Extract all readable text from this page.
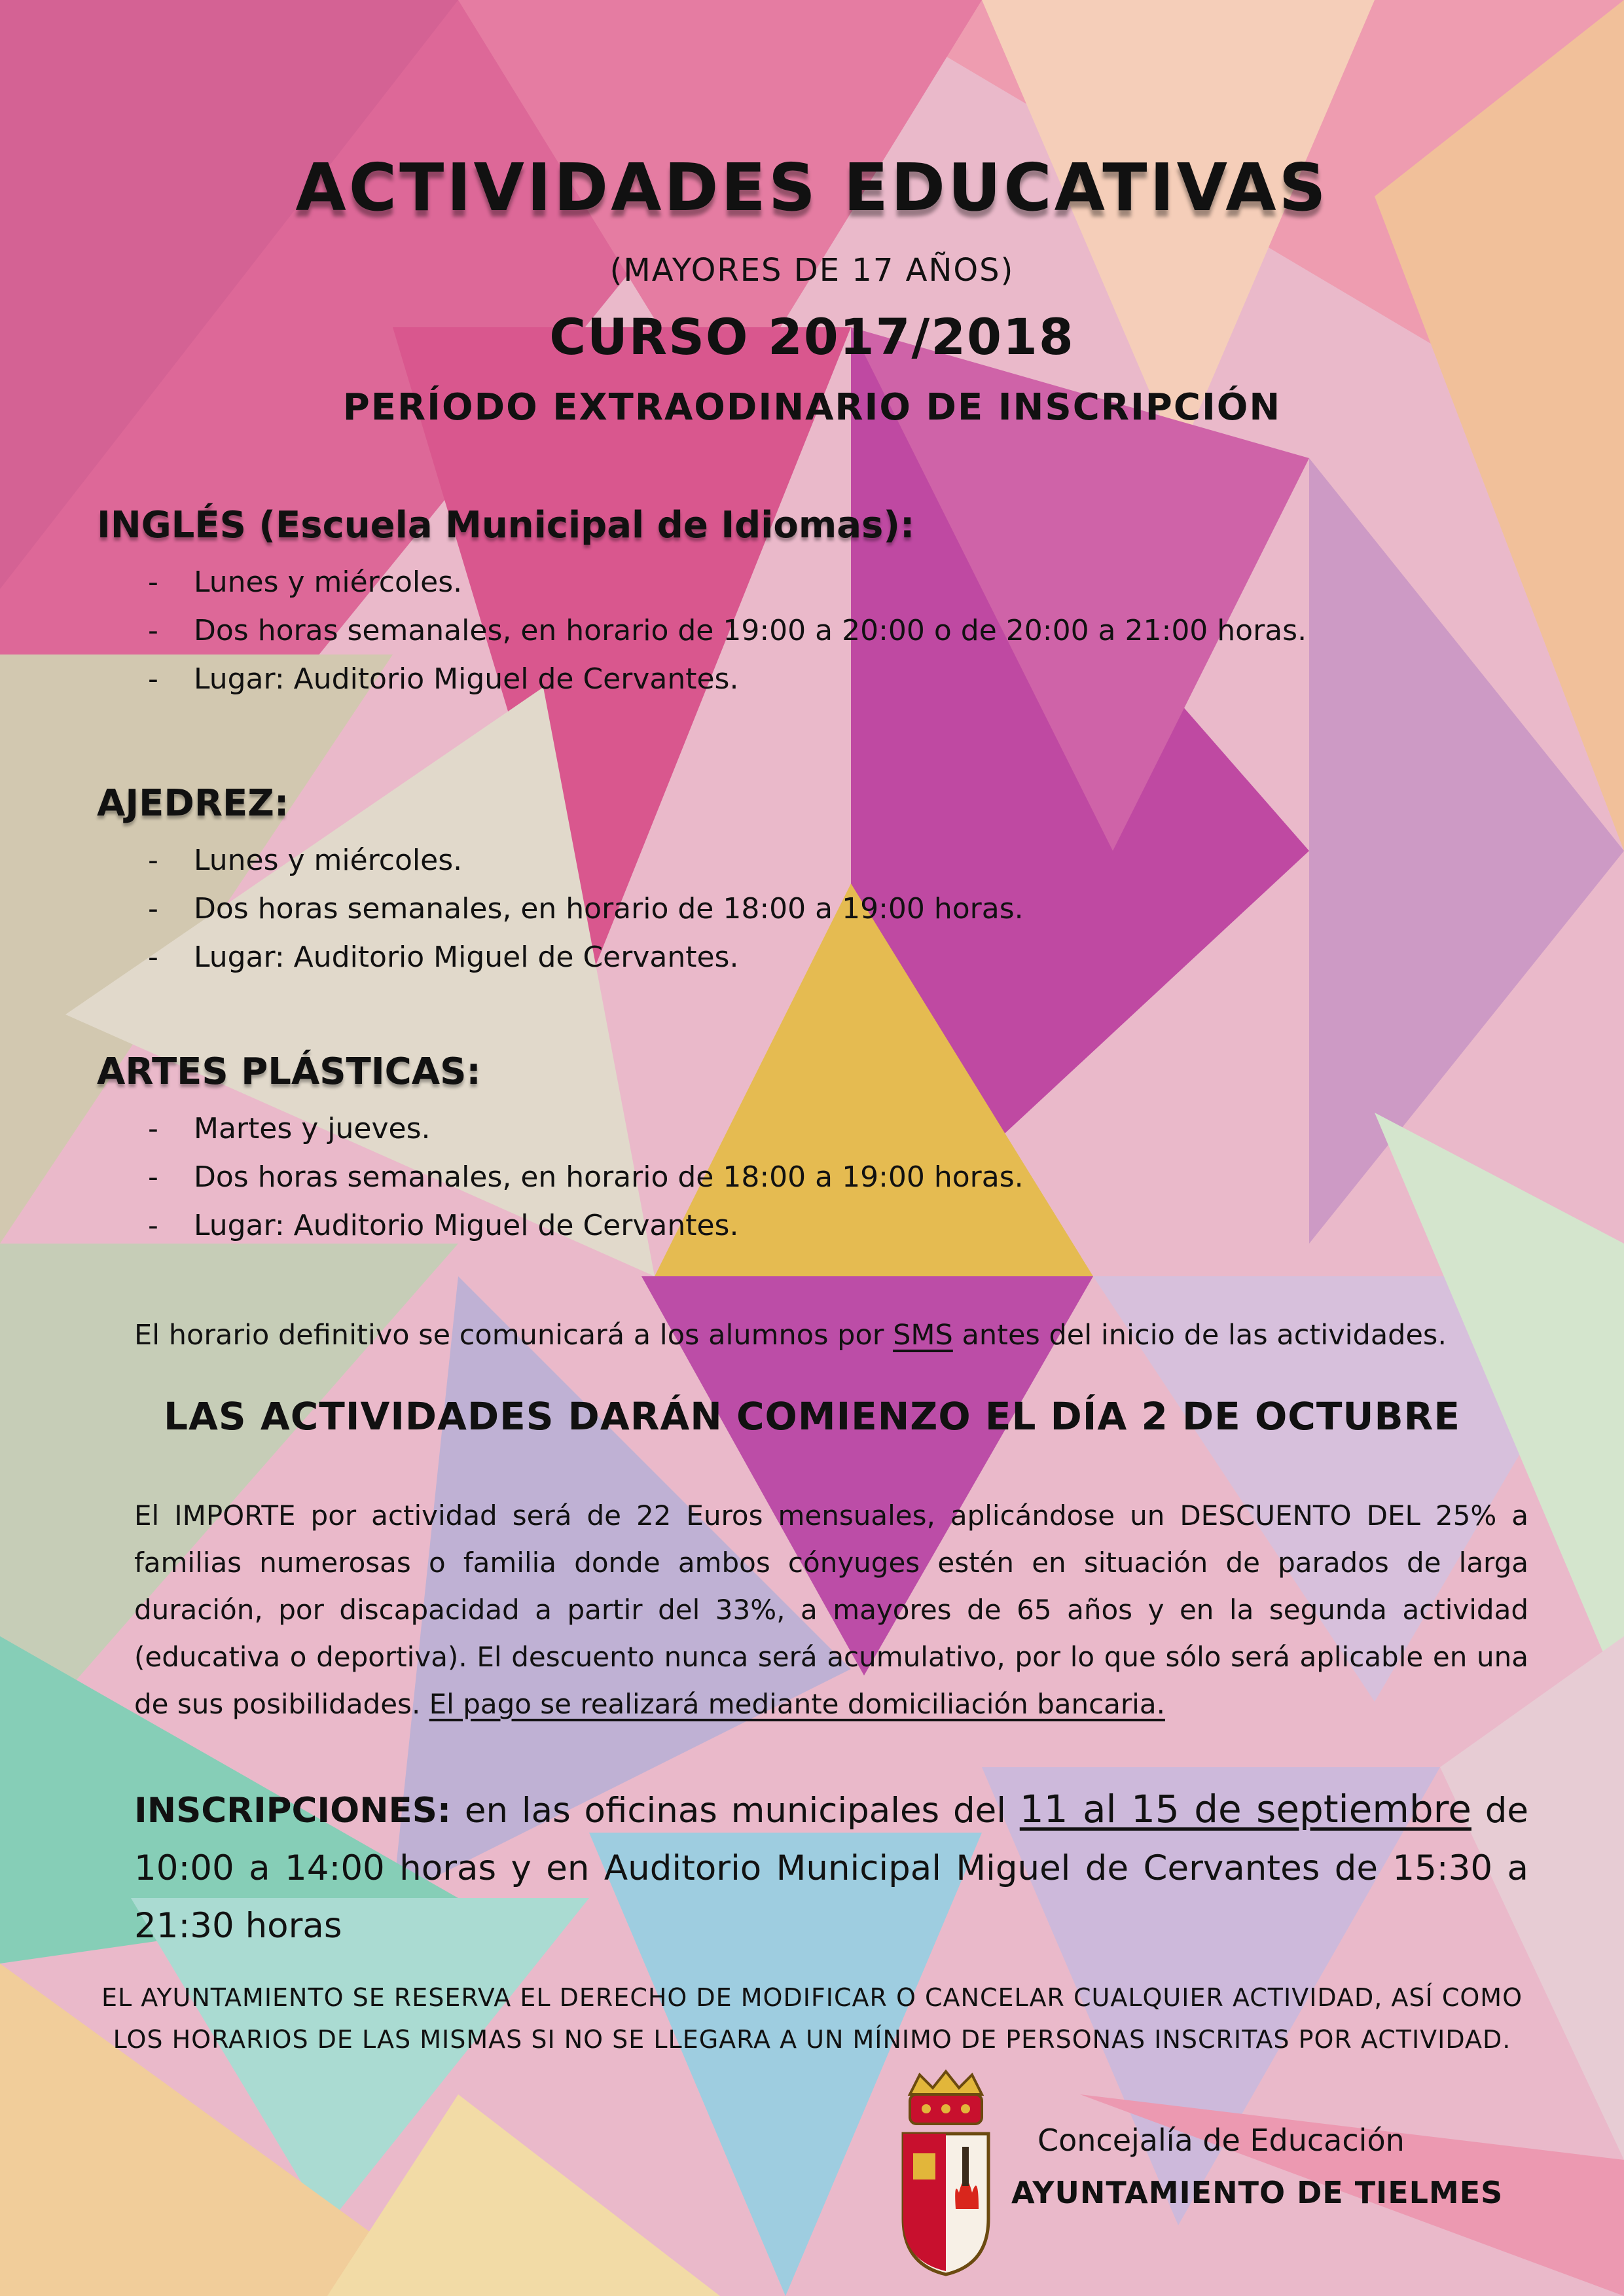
ACTIVIDADES EDUCATIVAS
(MAYORES DE 17 AÑOS)
CURSO 2017/2018
PERÍODO EXTRAODINARIO DE INSCRIPCIÓN
INGLÉS (Escuela Municipal de Idiomas):
- Lunes y miércoles.
- Dos horas semanales, en horario de 19:00 a 20:00 o de 20:00 a 21:00 horas.
- Lugar: Auditorio Miguel de Cervantes.
AJEDREZ:
- Lunes y miércoles.
- Dos horas semanales, en horario de 18:00 a 19:00 horas.
- Lugar: Auditorio Miguel de Cervantes.
ARTES PLÁSTICAS:
- Martes y jueves.
- Dos horas semanales, en horario de 18:00 a 19:00 horas.
- Lugar: Auditorio Miguel de Cervantes.
El horario definitivo se comunicará a los alumnos por SMS antes del inicio de las actividades.
LAS ACTIVIDADES DARÁN COMIENZO EL DÍA 2 DE OCTUBRE
El IMPORTE por actividad será de 22 Euros mensuales, aplicándose un DESCUENTO DEL 25% a familias numerosas o familia donde ambos cónyuges estén en situación de parados de larga duración, por discapacidad a partir del 33%, a mayores de 65 años y en la segunda actividad (educativa o deportiva). El descuento nunca será acumulativo, por lo que sólo será aplicable en una de sus posibilidades. El pago se realizará mediante domiciliación bancaria.
INSCRIPCIONES: en las oficinas municipales del 11 al 15 de septiembre de 10:00 a 14:00 horas y en Auditorio Municipal Miguel de Cervantes de 15:30 a 21:30 horas
EL AYUNTAMIENTO SE RESERVA EL DERECHO DE MODIFICAR O CANCELAR CUALQUIER ACTIVIDAD, ASÍ COMO
LOS HORARIOS DE LAS MISMAS SI NO SE LLEGARA A UN MÍNIMO DE PERSONAS INSCRITAS POR ACTIVIDAD.
Concejalía de Educación
AYUNTAMIENTO DE TIELMES
